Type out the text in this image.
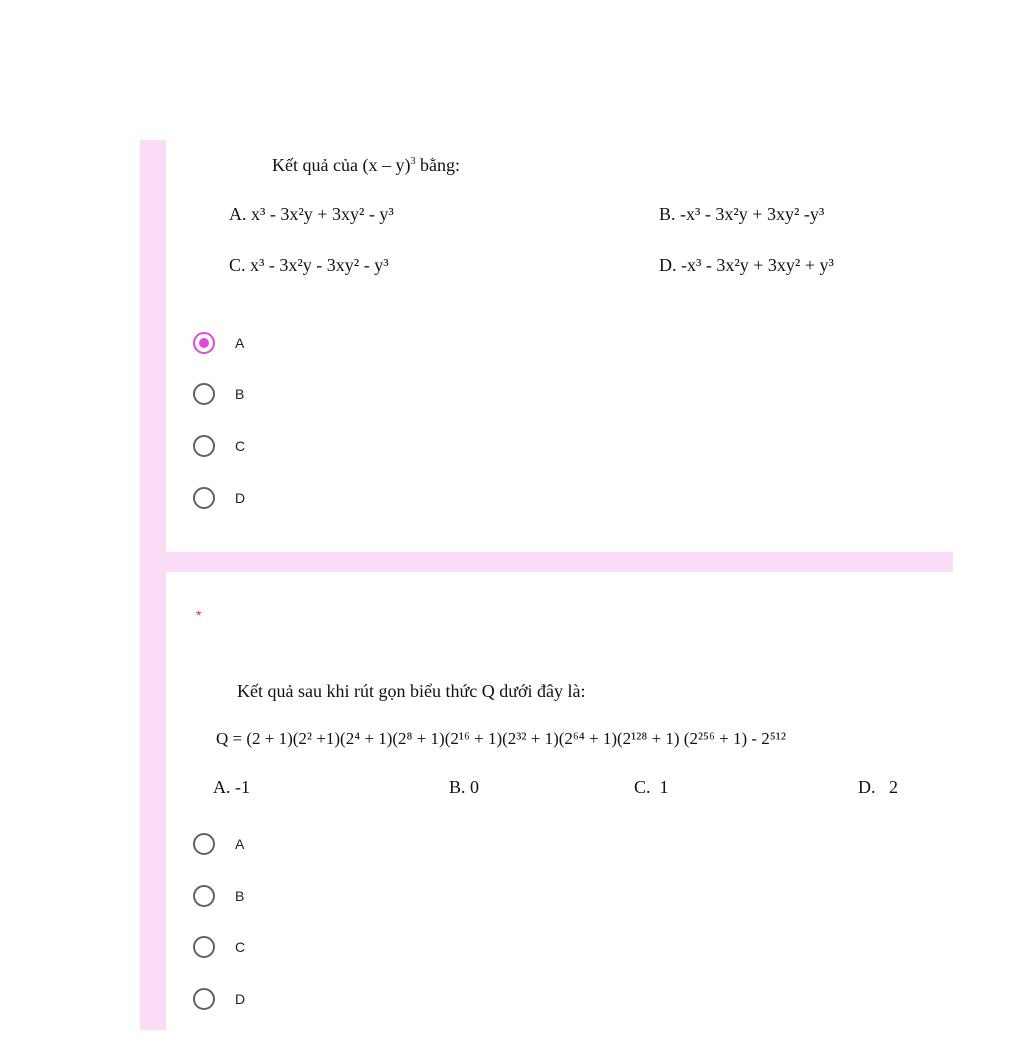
Kết quả của (x – y)$^3$ bằng:
A. x³ - 3x²y + 3xy² - y³	B. -x³ - 3x²y + 3xy² -y³
C. x³ - 3x²y - 3xy² - y³	D. -x³ - 3x²y + 3xy² + y³
A
B
C
D
*
Kết quả sau khi rút gọn biểu thức Q dưới đây là:
Q = (2 + 1)(2² +1)(2⁴ + 1)(2⁸ + 1)(2¹⁶ + 1)(2³² + 1)(2⁶⁴ + 1)(2¹²⁸ + 1) (2²⁵⁶ + 1) - 2⁵¹²
A. -1	B. 0	C.  1	D.   2
A
B
C
D
